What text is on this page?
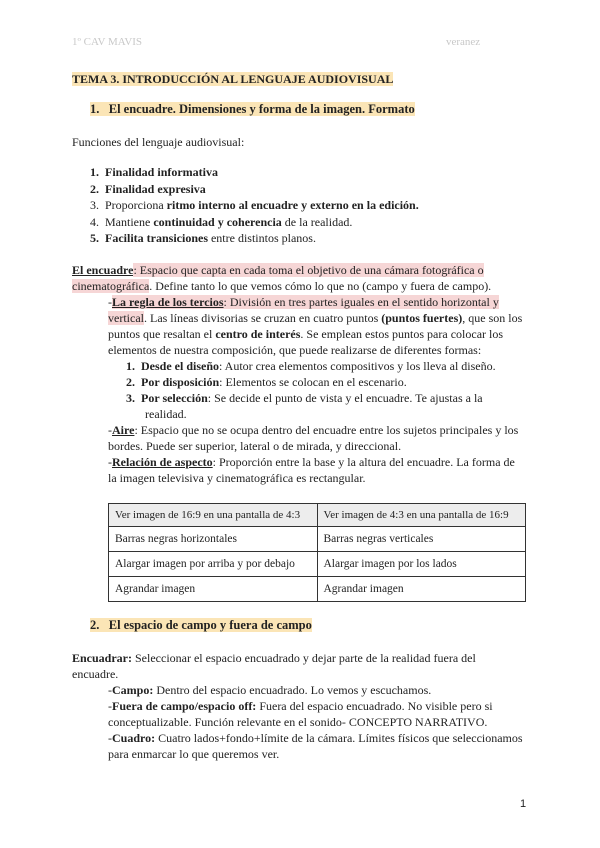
1º CAV MAVIS	veranez
TEMA 3. INTRODUCCIÓN AL LENGUAJE AUDIOVISUAL
1. El encuadre. Dimensiones y forma de la imagen. Formato
Funciones del lenguaje audiovisual:
1. Finalidad informativa
2. Finalidad expresiva
3. Proporciona ritmo interno al encuadre y externo en la edición.
4. Mantiene continuidad y coherencia de la realidad.
5. Facilita transiciones entre distintos planos.
El encuadre: Espacio que capta en cada toma el objetivo de una cámara fotográfica o
cinematográfica. Define tanto lo que vemos cómo lo que no (campo y fuera de campo).
-La regla de los tercios: División en tres partes iguales en el sentido horizontal y
vertical. Las líneas divisorias se cruzan en cuatro puntos (puntos fuertes), que son los
puntos que resaltan el centro de interés. Se emplean estos puntos para colocar los
elementos de nuestra composición, que puede realizarse de diferentes formas:
1. Desde el diseño: Autor crea elementos compositivos y los lleva al diseño.
2. Por disposición: Elementos se colocan en el escenario.
3. Por selección: Se decide el punto de vista y el encuadre. Te ajustas a la
realidad.
-Aire: Espacio que no se ocupa dentro del encuadre entre los sujetos principales y los
bordes. Puede ser superior, lateral o de mirada, y direccional.
-Relación de aspecto: Proporción entre la base y la altura del encuadre. La forma de
la imagen televisiva y cinematográfica es rectangular.
Ver imagen de 16:9 en una pantalla de 4:3	Ver imagen de 4:3 en una pantalla de 16:9
Barras negras horizontales	Barras negras verticales
Alargar imagen por arriba y por debajo	Alargar imagen por los lados
Agrandar imagen	Agrandar imagen
2. El espacio de campo y fuera de campo
Encuadrar: Seleccionar el espacio encuadrado y dejar parte de la realidad fuera del
encuadre.
-Campo: Dentro del espacio encuadrado. Lo vemos y escuchamos.
-Fuera de campo/espacio off: Fuera del espacio encuadrado. No visible pero si
conceptualizable. Función relevante en el sonido- CONCEPTO NARRATIVO.
-Cuadro: Cuatro lados+fondo+límite de la cámara. Límites físicos que seleccionamos
para enmarcar lo que queremos ver.
1
